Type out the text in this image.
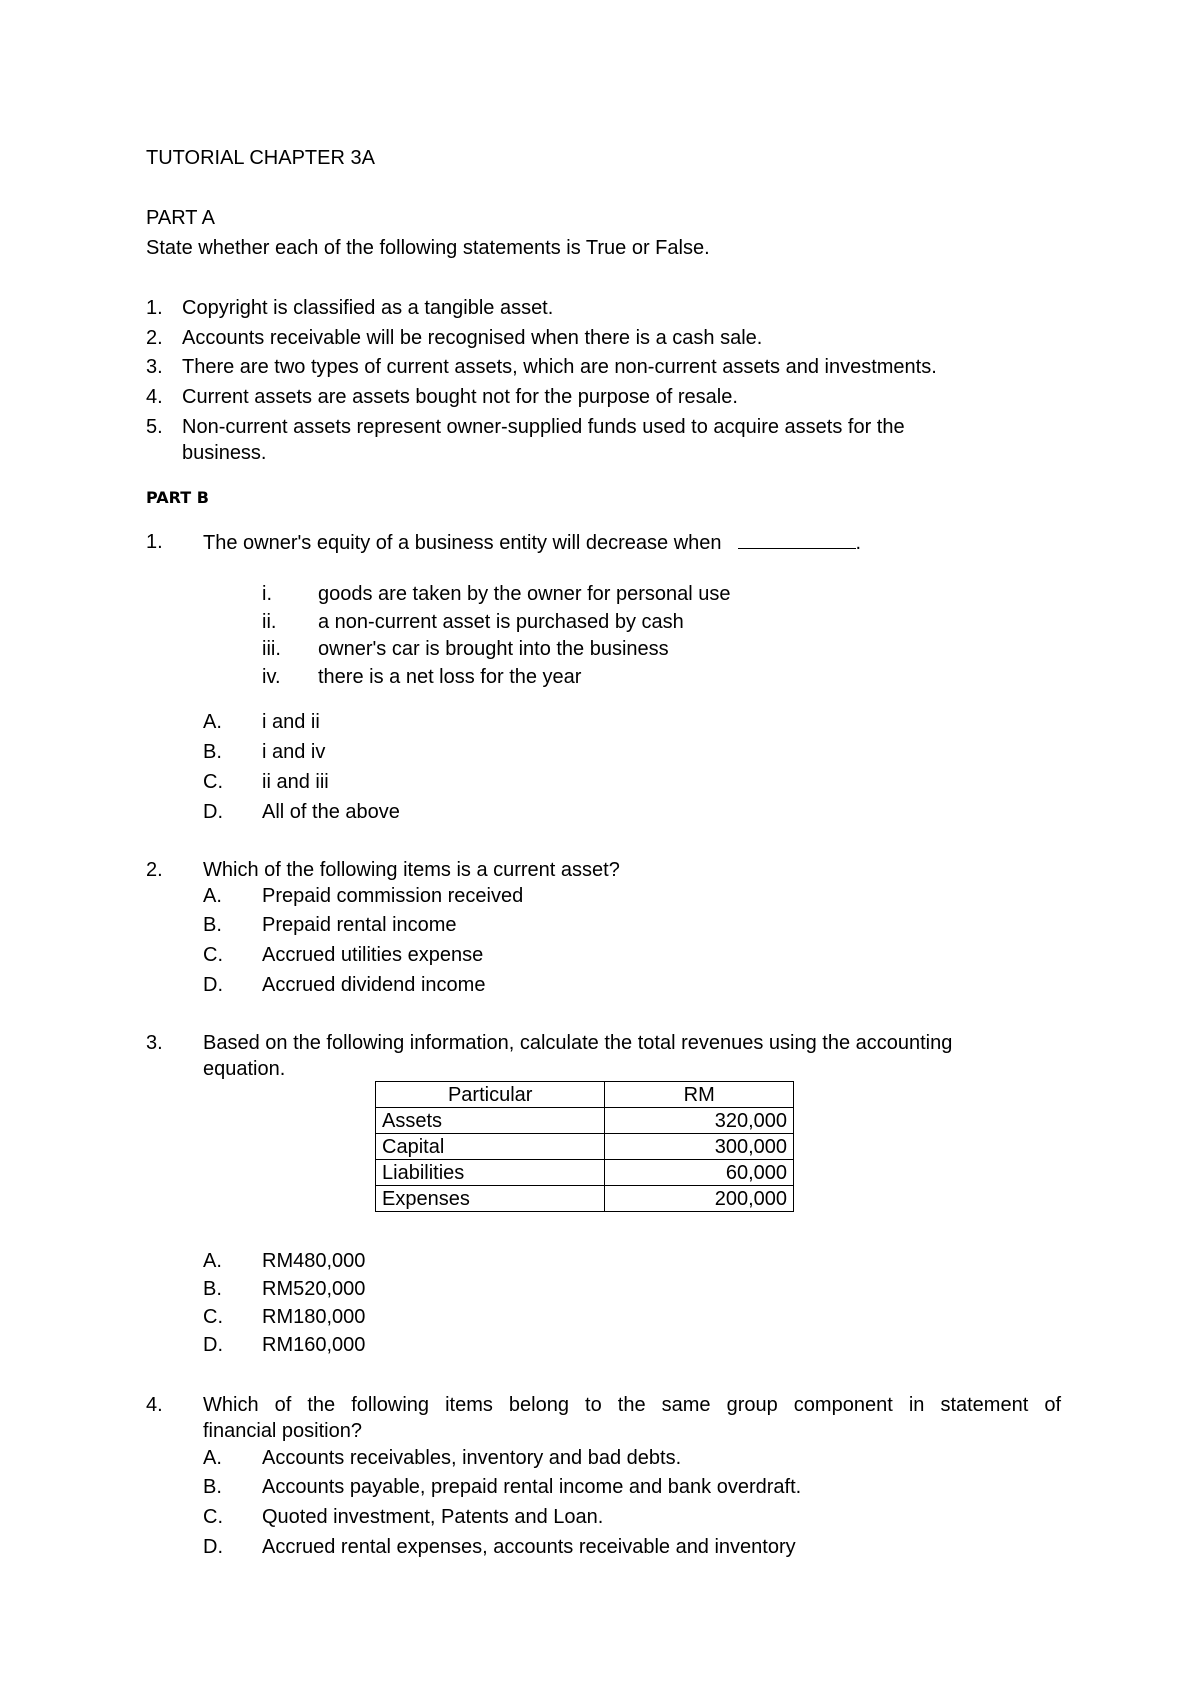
TUTORIAL CHAPTER 3A
PART A
State whether each of the following statements is True or False.
1. Copyright is classified as a tangible asset.
2. Accounts receivable will be recognised when there is a cash sale.
3. There are two types of current assets, which are non-current assets and investments.
4. Current assets are assets bought not for the purpose of resale.
5. Non-current assets represent owner-supplied funds used to acquire assets for the
business.
PART B
1. The owner's equity of a business entity will decrease when	.
i. goods are taken by the owner for personal use
ii. a non-current asset is purchased by cash
iii. owner's car is brought into the business
iv. there is a net loss for the year
A. i and ii
B. i and iv
C. ii and iii
D. All of the above
2. Which of the following items is a current asset?
A. Prepaid commission received
B. Prepaid rental income
C. Accrued utilities expense
D. Accrued dividend income
3. Based on the following information, calculate the total revenues using the accounting
equation.
Particular	RM
Assets	320,000
Capital	300,000
Liabilities	60,000
Expenses	200,000
A. RM480,000
B. RM520,000
C. RM180,000
D. RM160,000
4. Which of the following items belong to the same group component in statement of
financial position?
A. Accounts receivables, inventory and bad debts.
B. Accounts payable, prepaid rental income and bank overdraft.
C. Quoted investment, Patents and Loan.
D. Accrued rental expenses, accounts receivable and inventory
